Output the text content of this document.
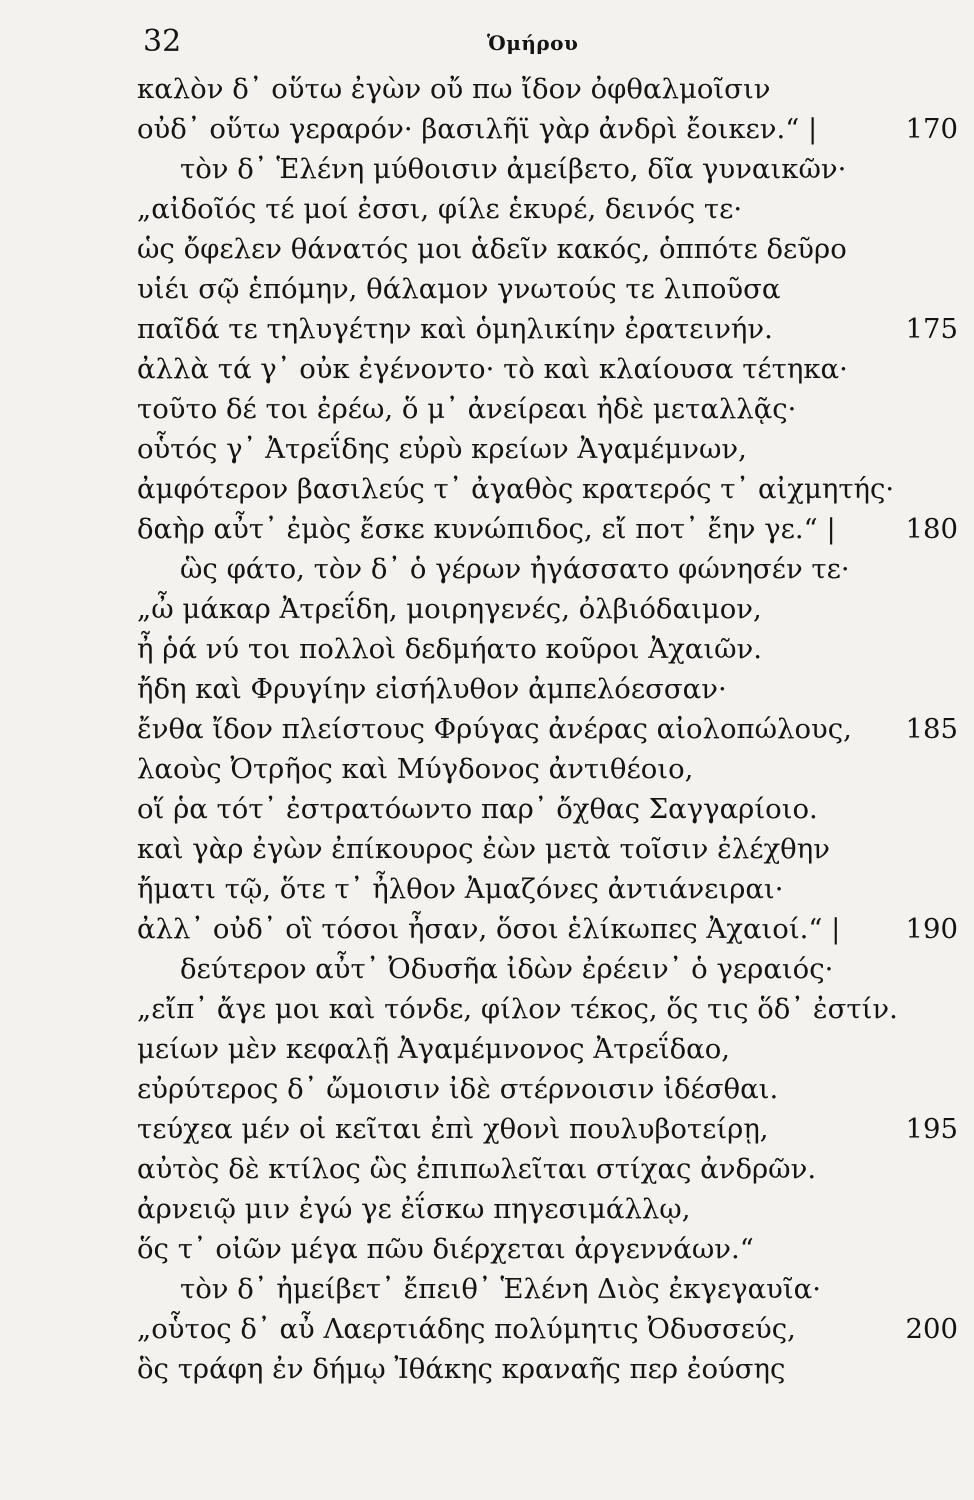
32	Ὁμήρου
καλὸν δ᾽ οὕτω ἐγὼν οὔ πω ἴδον ὀφθαλμοῖσιν
οὐδ᾽ οὕτω γεραρόν· βασιλῆϊ γὰρ ἀνδρὶ ἔοικεν.“ |	170
τὸν δ᾽ Ἑλένη μύθοισιν ἀμείβετο, δῖα γυναικῶν·
„αἰδοῖός τέ μοί ἐσσι, φίλε ἑκυρέ, δεινός τε·
ὡς ὄφελεν θάνατός μοι ἁδεῖν κακός, ὁππότε δεῦρο
υἱέι σῷ ἑπόμην, θάλαμον γνωτούς τε λιποῦσα
παῖδά τε τηλυγέτην καὶ ὁμηλικίην ἐρατεινήν.	175
ἀλλὰ τά γ᾽ οὐκ ἐγένοντο· τὸ καὶ κλαίουσα τέτηκα·
τοῦτο δέ τοι ἐρέω, ὅ μ᾽ ἀνείρεαι ἠδὲ μεταλλᾷς·
οὗτός γ᾽ Ἀτρεΐδης εὐρὺ κρείων Ἀγαμέμνων,
ἀμφότερον βασιλεύς τ᾽ ἀγαθὸς κρατερός τ᾽ αἰχμητής·
δαὴρ αὖτ᾽ ἐμὸς ἔσκε κυνώπιδος, εἴ ποτ᾽ ἔην γε.“ |	180
ὣς φάτο, τὸν δ᾽ ὁ γέρων ἠγάσσατο φώνησέν τε·
„ὦ μάκαρ Ἀτρεΐδη, μοιρηγενές, ὀλβιόδαιμον,
ἦ ῥά νύ τοι πολλοὶ δεδμήατο κοῦροι Ἀχαιῶν.
ἤδη καὶ Φρυγίην εἰσήλυθον ἀμπελόεσσαν·
ἔνθα ἴδον πλείστους Φρύγας ἀνέρας αἰολοπώλους,	185
λαοὺς Ὀτρῆος καὶ Μύγδονος ἀντιθέοιο,
οἵ ῥα τότ᾽ ἐστρατόωντο παρ᾽ ὄχθας Σαγγαρίοιο.
καὶ γὰρ ἐγὼν ἐπίκουρος ἐὼν μετὰ τοῖσιν ἐλέχθην
ἤματι τῷ, ὅτε τ᾽ ἦλθον Ἀμαζόνες ἀντιάνειραι·
ἀλλ᾽ οὐδ᾽ οἳ τόσοι ἦσαν, ὅσοι ἑλίκωπες Ἀχαιοί.“ |	190
δεύτερον αὖτ᾽ Ὀδυσῆα ἰδὼν ἐρέειν᾽ ὁ γεραιός·
„εἴπ᾽ ἄγε μοι καὶ τόνδε, φίλον τέκος, ὅς τις ὅδ᾽ ἐστίν.
μείων μὲν κεφαλῇ Ἀγαμέμνονος Ἀτρεΐδαο,
εὐρύτερος δ᾽ ὤμοισιν ἰδὲ στέρνοισιν ἰδέσθαι.
τεύχεα μέν οἱ κεῖται ἐπὶ χθονὶ πουλυβοτείρῃ,	195
αὐτὸς δὲ κτίλος ὣς ἐπιπωλεῖται στίχας ἀνδρῶν.
ἀρνειῷ μιν ἐγώ γε ἐΐσκω πηγεσιμάλλῳ,
ὅς τ᾽ οἰῶν μέγα πῶυ διέρχεται ἀργεννάων.“
τὸν δ᾽ ἠμείβετ᾽ ἔπειθ᾽ Ἑλένη Διὸς ἐκγεγαυῖα·
„οὗτος δ᾽ αὖ Λαερτιάδης πολύμητις Ὀδυσσεύς,	200
ὃς τράφη ἐν δήμῳ Ἰθάκης κραναῆς περ ἐούσης
